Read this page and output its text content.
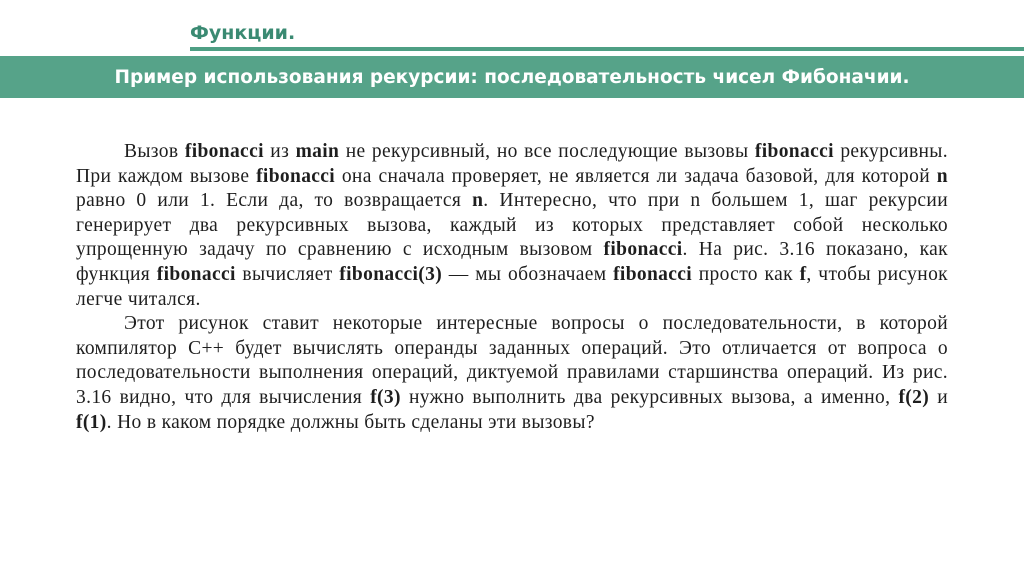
Функции.
Пример использования рекурсии: последовательность чисел Фибоначии.

Вызов fibonacci из main не рекурсивный, но все последующие вызовы fibonacci рекурсивны. При каждом вызове fibonacci она сначала проверяет, не является ли задача базовой, для которой n равно 0 или 1. Если да, то возвращается n. Интересно, что при n большем 1, шаг рекурсии генерирует два рекурсивных вызова, каждый из которых представляет собой несколько упрощенную задачу по сравнению с исходным вызовом fibonacci. На рис. 3.16 показано, как функция fibonacci вычисляет fibonacci(3) — мы обозначаем fibonacci просто как f, чтобы рисунок легче читался.

Этот рисунок ставит некоторые интересные вопросы о последовательности, в которой компилятор C++ будет вычислять операнды заданных операций. Это отличается от вопроса о последовательности выполнения операций, диктуемой правилами старшинства операций. Из рис. 3.16 видно, что для вычисления f(3) нужно выполнить два рекурсивных вызова, а именно, f(2) и f(1). Но в каком порядке должны быть сделаны эти вызовы?
